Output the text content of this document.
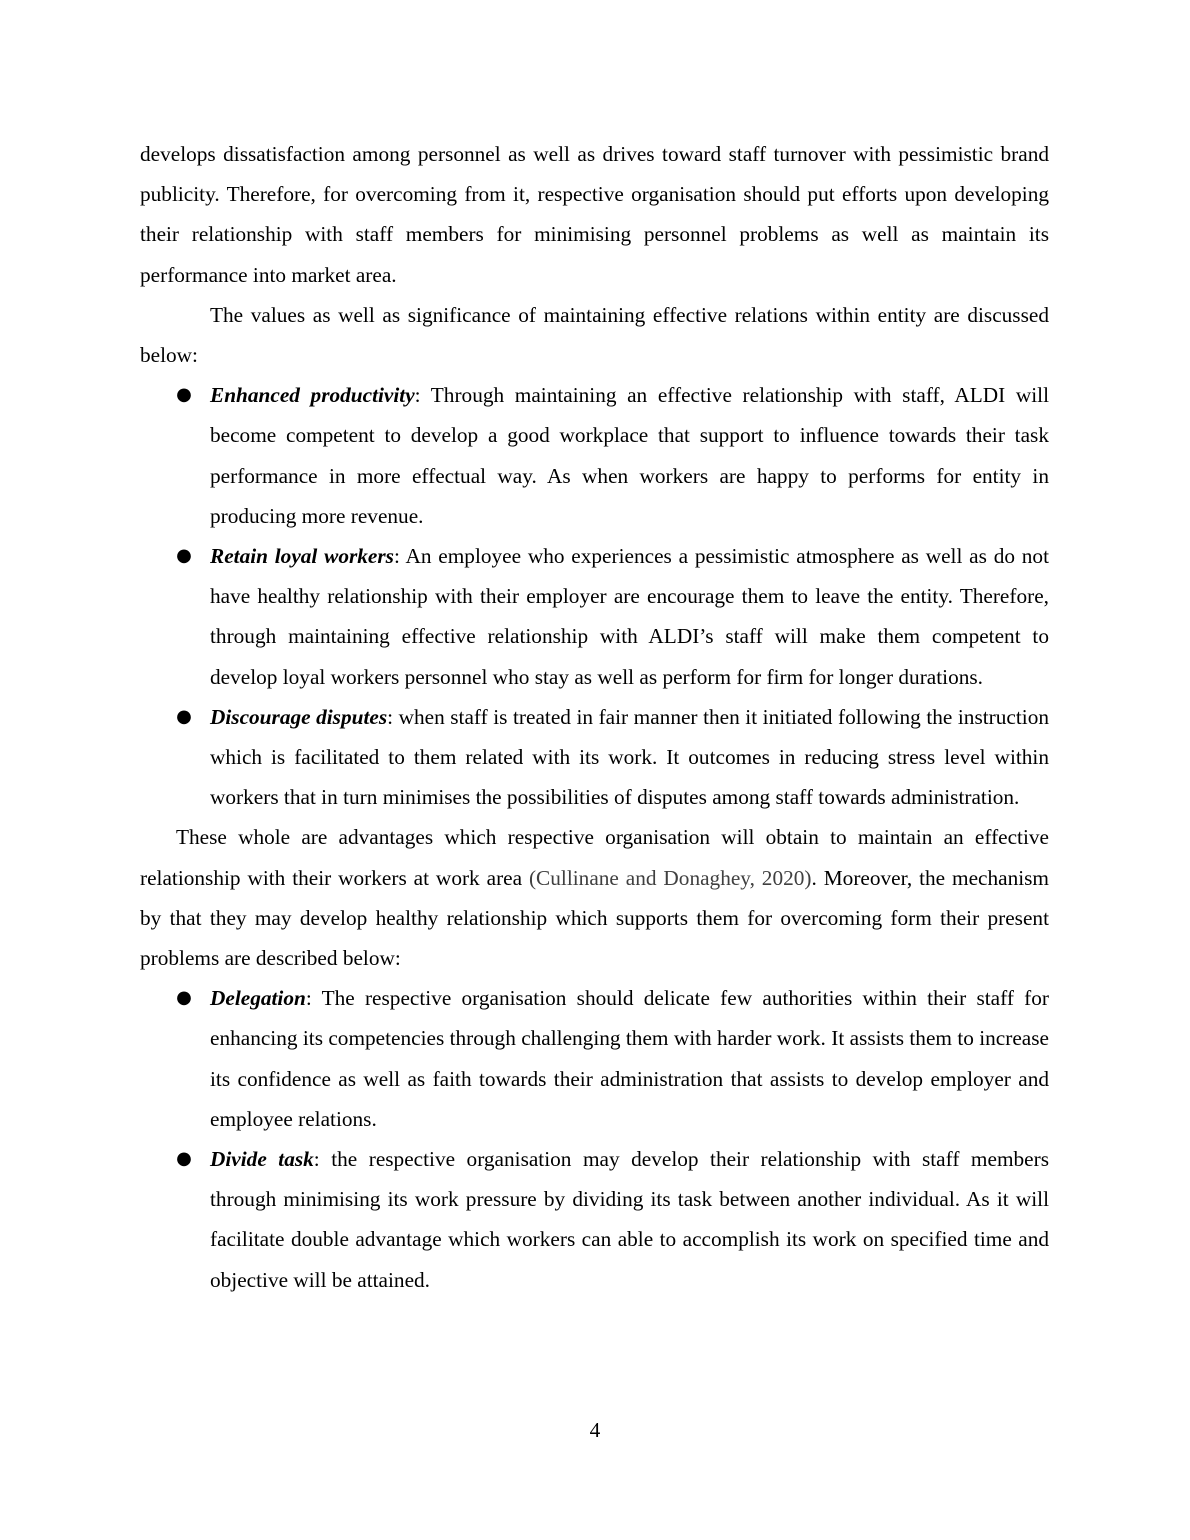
develops dissatisfaction among personnel as well as drives toward staff turnover with pessimistic brand publicity. Therefore, for overcoming from it, respective organisation should put efforts upon developing their relationship with staff members for minimising personnel problems as well as maintain its performance into market area.

The values as well as significance of maintaining effective relations within entity are discussed below:

● Enhanced productivity: Through maintaining an effective relationship with staff, ALDI will become competent to develop a good workplace that support to influence towards their task performance in more effectual way. As when workers are happy to performs for entity in producing more revenue.
● Retain loyal workers: An employee who experiences a pessimistic atmosphere as well as do not have healthy relationship with their employer are encourage them to leave the entity. Therefore, through maintaining effective relationship with ALDI’s staff will make them competent to develop loyal workers personnel who stay as well as perform for firm for longer durations.
● Discourage disputes: when staff is treated in fair manner then it initiated following the instruction which is facilitated to them related with its work. It outcomes in reducing stress level within workers that in turn minimises the possibilities of disputes among staff towards administration.

These whole are advantages which respective organisation will obtain to maintain an effective relationship with their workers at work area (Cullinane and Donaghey, 2020). Moreover, the mechanism by that they may develop healthy relationship which supports them for overcoming form their present problems are described below:

● Delegation: The respective organisation should delicate few authorities within their staff for enhancing its competencies through challenging them with harder work. It assists them to increase its confidence as well as faith towards their administration that assists to develop employer and employee relations.
● Divide task: the respective organisation may develop their relationship with staff members through minimising its work pressure by dividing its task between another individual. As it will facilitate double advantage which workers can able to accomplish its work on specified time and objective will be attained.
4
